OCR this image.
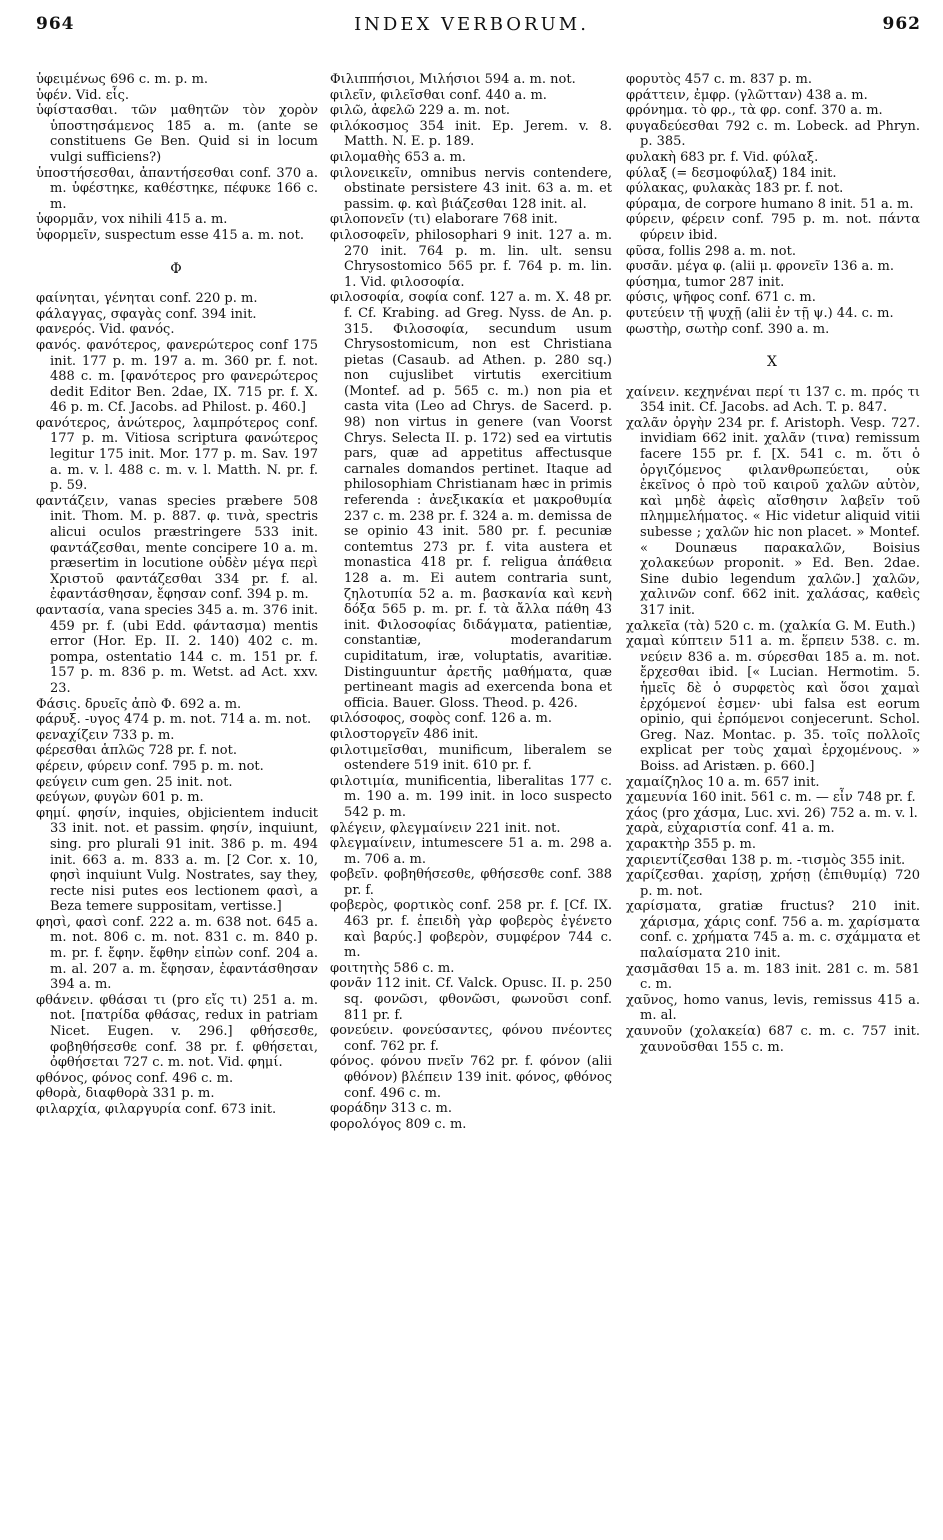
964	INDEX VERBORUM.	962

ὑφειμένως 696 c. m. p. m.

ὑφέν. Vid. εἷς.

ὑφίστασθαι. τῶν μαθητῶν τὸν χορὸν ὑποστησάμενος 185 a. m. (ante se constituens Ge Ben. Quid si in locum vulgi sufficiens?)

ὑποστήσεσθαι, ἀπαντήσεσθαι conf. 370 a. m. ὑφέστηκε, καθέστηκε, πέφυκε 166 c. m.

ὑφορμᾶν, vox nihili 415 a. m.

ὑφορμεῖν, suspectum esse 415 a. m. not.

Φ

φαίνηται, γένηται conf. 220 p. m.

φάλαγγας, σφαγὰς conf. 394 init.

φανερός. Vid. φανός.

φανός. φανότερος, φανερώτερος conf 175 init. 177 p. m. 197 a. m. 360 pr. f. not. 488 c. m. [φανότερος pro φανερώτερος dedit Editor Ben. 2dae, IX. 715 pr. f. X. 46 p. m. Cf. Jacobs. ad Philost. p. 460.]

φανότερος, ἀνώτερος, λαμπρότερος conf. 177 p. m. Vitiosa scriptura φανώτερος legitur 175 init. Mor. 177 p. m. Sav. 197 a. m. v. l. 488 c. m. v. l. Matth. N. pr. f. p. 59.

φαντάζειν, vanas species præbere 508 init. Thom. M. p. 887. φ. τινὰ, spectris alicui oculos præstringere 533 init. φαντάζεσθαι, mente concipere 10 a. m. præsertim in locutione οὐδὲν μέγα περὶ Χριστοῦ φαντάζεσθαι 334 pr. f. al. ἐφαντάσθησαν, ἔφησαν conf. 394 p. m.

φαντασία, vana species 345 a. m. 376 init. 459 pr. f. (ubi Edd. φάντασμα) mentis error (Hor. Ep. II. 2. 140) 402 c. m. pompa, ostentatio 144 c. m. 151 pr. f. 157 p. m. 836 p. m. Wetst. ad Act. xxv. 23.

Φάσις. δρυεῖς ἀπὸ Φ. 692 a. m.

φάρυξ. -υγος 474 p. m. not. 714 a. m. not.

φεναχίζειν 733 p. m.

φέρεσθαι ἁπλῶς 728 pr. f. not.

φέρειν, φύρειν conf. 795 p. m. not.

φεύγειν cum gen. 25 init. not.

φεύγων, φυγὼν 601 p. m.

φημί. φησίν, inquies, objicientem inducit 33 init. not. et passim. φησίν, inquiunt, sing. pro plurali 91 init. 386 p. m. 494 init. 663 a. m. 833 a. m. [2 Cor. x. 10, φησὶ inquiunt Vulg. Nostrates, say they, recte nisi putes eos lectionem φασὶ, a Beza temere suppositam, vertisse.]

φησὶ, φασὶ conf. 222 a. m. 638 not. 645 a. m. not. 806 c. m. not. 831 c. m. 840 p. m. pr. f. ἔφην. ἔφθην εἰπὼν conf. 204 a. m. al. 207 a. m. ἔφησαν, ἐφαντάσθησαν 394 a. m.

φθάνειν. φθάσαι τι (pro εἴς τι) 251 a. m. not. [πατρίδα φθάσας, redux in patriam Nicet. Eugen. v. 296.] φθήσεσθε, φοβηθήσεσθε conf. 38 pr. f. φθήσεται, ὀφθήσεται 727 c. m. not. Vid. φημί.

φθόνος, φόνος conf. 496 c. m.

φθορὰ, διαφθορὰ 331 p. m.

φιλαρχία, φιλαργυρία conf. 673 init.

Φιλιππήσιοι, Μιλήσιοι 594 a. m. not.

φιλεῖν, φιλεῖσθαι conf. 440 a. m.

φιλῶ, ἀφελῶ 229 a. m. not.

φιλόκοσμος 354 init. Ep. Jerem. v. 8. Matth. N. E. p. 189.

φιλομαθὴς 653 a. m.

φιλονεικεῖν, omnibus nervis contendere, obstinate persistere 43 init. 63 a. m. et passim. φ. καὶ βιάζεσθαι 128 init. al.

φιλοπονεῖν (τι) elaborare 768 init.

φιλοσοφεῖν, philosophari 9 init. 127 a. m. 270 init. 764 p. m. lin. ult. sensu Chrysostomico 565 pr. f. 764 p. m. lin. 1. Vid. φιλοσοφία.

φιλοσοφία, σοφία conf. 127 a. m. X. 48 pr. f. Cf. Krabing. ad Greg. Nyss. de An. p. 315. Φιλοσοφία, secundum usum Chrysostomicum, non est Christiana pietas (Casaub. ad Athen. p. 280 sq.) non cujuslibet virtutis exercitium (Montef. ad p. 565 c. m.) non pia et casta vita (Leo ad Chrys. de Sacerd. p. 98) non virtus in genere (van Voorst Chrys. Selecta II. p. 172) sed ea virtutis pars, quæ ad appetitus affectusque carnales domandos pertinet. Itaque ad philosophiam Christianam hæc in primis referenda : ἀνεξικακία et μακροθυμία 237 c. m. 238 pr. f. 324 a. m. demissa de se opinio 43 init. 580 pr. f. pecuniæ contemtus 273 pr. f. vita austera et monastica 418 pr. f. religua ἀπάθεια 128 a. m. Ei autem contraria sunt, ζηλοτυπία 52 a. m. βασκανία καὶ κενὴ δόξα 565 p. m. pr. f. τὰ ἄλλα πάθη 43 init. Φιλοσοφίας διδάγματα, patientiæ, constantiæ, moderandarum cupiditatum, iræ, voluptatis, avaritiæ. Distinguuntur ἀρετῆς μαθήματα, quæ pertineant magis ad exercenda bona et officia. Bauer. Gloss. Theod. p. 426.

φιλόσοφος, σοφὸς conf. 126 a. m.

φιλοστοργεῖν 486 init.

φιλοτιμεῖσθαι, munificum, liberalem se ostendere 519 init. 610 pr. f.

φιλοτιμία, munificentia, liberalitas 177 c. m. 190 a. m. 199 init. in loco suspecto 542 p. m.

φλέγειν, φλεγμαίνειν 221 init. not.

φλεγμαίνειν, intumescere 51 a. m. 298 a. m. 706 a. m.

φοβεῖν. φοβηθήσεσθε, φθήσεσθε conf. 388 pr. f.

φοβερὸς, φορτικὸς conf. 258 pr. f. [Cf. IX. 463 pr. f. ἐπειδὴ γὰρ φοβερὸς ἐγένετο καὶ βαρύς.] φοβερὸν, συμφέρον 744 c. m.

φοιτητὴς 586 c. m.

φονᾶν 112 init. Cf. Valck. Opusc. II. p. 250 sq. φονῶσι, φθονῶσι, φωνοῦσι conf. 811 pr. f.

φονεύειν. φονεύσαντες, φόνου πνέοντες conf. 762 pr. f.

φόνος. φόνου πνεῖν 762 pr. f. φόνον (alii φθόνον) βλέπειν 139 init. φόνος, φθόνος conf. 496 c. m.

φοράδην 313 c. m.

φορολόγος 809 c. m.

φορυτὸς 457 c. m. 837 p. m.

φράττειν, ἐμφρ. (γλῶτταν) 438 a. m.

φρόνημα. τὸ φρ., τὰ φρ. conf. 370 a. m.

φυγαδεύεσθαι 792 c. m. Lobeck. ad Phryn. p. 385.

φυλακὴ 683 pr. f. Vid. φύλαξ.

φύλαξ (= δεσμοφύλαξ) 184 init.

φύλακας, φυλακὰς 183 pr. f. not.

φύραμα, de corpore humano 8 init. 51 a. m.

φύρειν, φέρειν conf. 795 p. m. not. πάντα φύρειν ibid.

φῦσα, follis 298 a. m. not.

φυσᾶν. μέγα φ. (alii μ. φρονεῖν 136 a. m.

φύσημα, tumor 287 init.

φύσις, ψῆφος conf. 671 c. m.

φυτεύειν τῇ ψυχῇ (alii ἐν τῇ ψ.) 44. c. m.

φωστὴρ, σωτὴρ conf. 390 a. m.

X

χαίνειν. κεχηνέναι περί τι 137 c. m. πρός τι 354 init. Cf. Jacobs. ad Ach. T. p. 847.

χαλᾶν ὀργὴν 234 pr. f. Aristoph. Vesp. 727. invidiam 662 init. χαλᾶν (τινα) remissum facere 155 pr. f. [X. 541 c. m. ὅτι ὁ ὀργιζόμενος φιλανθρωπεύεται, οὐκ ἐκεῖνος ὁ πρὸ τοῦ καιροῦ χαλῶν αὐτὸν, καὶ μηδὲ ἀφεὶς αἴσθησιν λαβεῖν τοῦ πλημμελήματος. « Hic videtur aliquid vitii subesse ; χαλῶν hic non placet. » Montef. « Dounæus παρακαλῶν, Boisius χολακεύων proponit. » Ed. Ben. 2dae. Sine dubio legendum χαλῶν.] χαλῶν, χαλινῶν conf. 662 init. χαλάσας, καθεὶς 317 init.

χαλκεῖα (τὰ) 520 c. m. (χαλκία G. M. Euth.)

χαμαὶ κύπτειν 511 a. m. ἕρπειν 538. c. m. νεύειν 836 a. m. σύρεσθαι 185 a. m. not. ἔρχεσθαι ibid. [« Lucian. Hermotim. 5. ἡμεῖς δὲ ὁ συρφετὸς καὶ ὅσοι χαμαὶ ἐρχόμενοί ἐσμεν· ubi falsa est eorum opinio, qui ἐρπόμενοι conjecerunt. Schol. Greg. Naz. Montac. p. 35. τοῖς πολλοῖς explicat per τοὺς χαμαὶ ἐρχομένους. » Boiss. ad Aristæn. p. 660.]

χαμαίζηλος 10 a. m. 657 init.

χαμευνία 160 init. 561 c. m. — εἶν 748 pr. f.

χάος (pro χάσμα, Luc. xvi. 26) 752 a. m. v. l.

χαρὰ, εὐχαριστία conf. 41 a. m.

χαρακτὴρ 355 p. m.

χαριεντίζεσθαι 138 p. m. -τισμὸς 355 init.

χαρίζεσθαι. χαρίσῃ, χρήσῃ (ἐπιθυμίᾳ) 720 p. m. not.

χαρίσματα, gratiæ fructus? 210 init. χάρισμα, χάρις conf. 756 a. m. χαρίσματα conf. c. χρήματα 745 a. m. c. σχάμματα et παλαίσματα 210 init.

χασμᾶσθαι 15 a. m. 183 init. 281 c. m. 581 c. m.

χαῦνος, homo vanus, levis, remissus 415 a. m. al.

χαυνοῦν (χολακεία) 687 c. m. c. 757 init. χαυνοῦσθαι 155 c. m.
